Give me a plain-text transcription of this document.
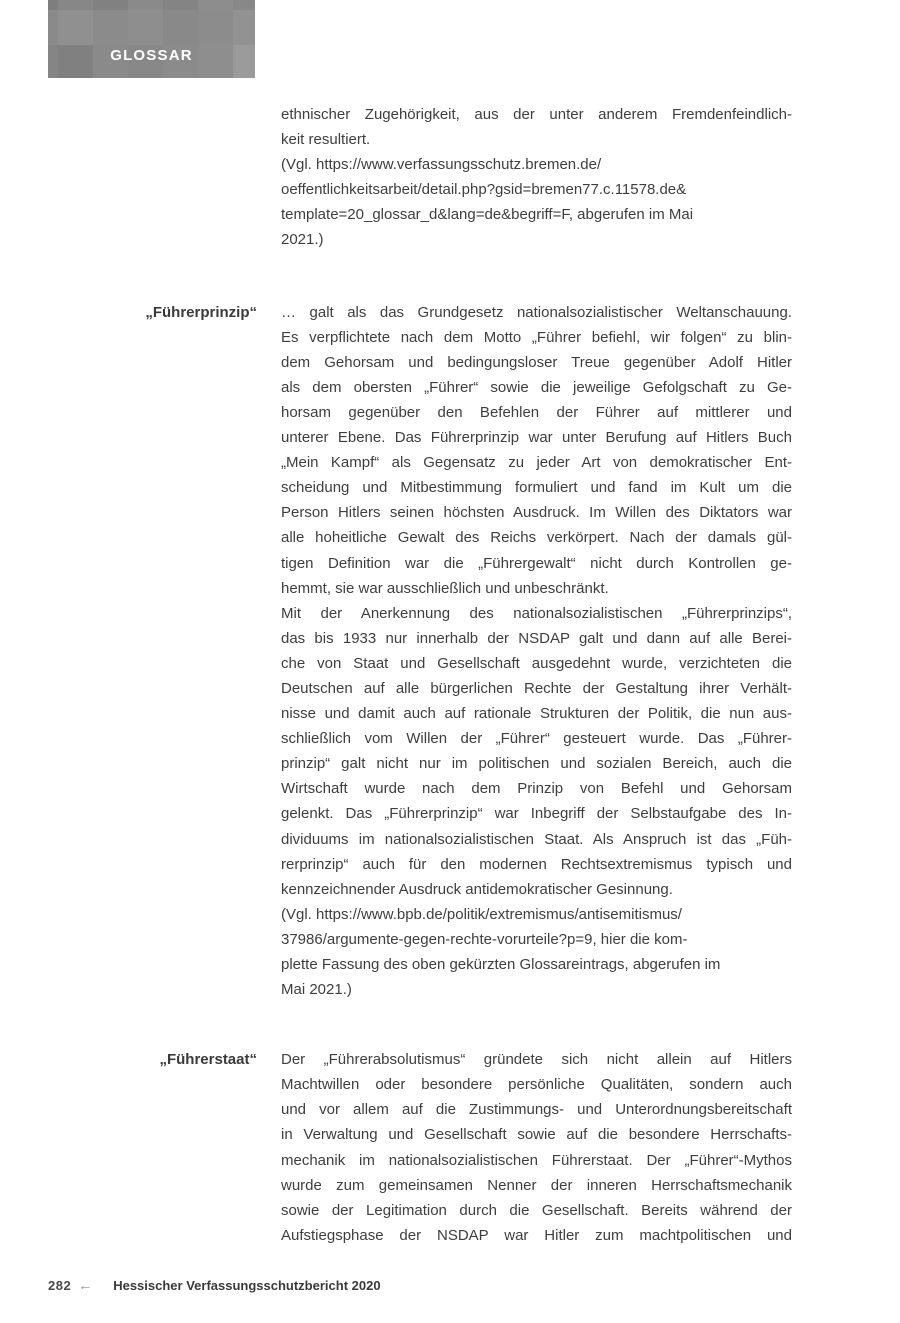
GLOSSAR
ethnischer Zugehörigkeit, aus der unter anderem Fremdenfeindlich-
keit resultiert.
(Vgl. https://www.verfassungsschutz.bremen.de/
oeffentlichkeitsarbeit/detail.php?gsid=bremen77.c.11578.de&
template=20_glossar_d&lang=de&begriff=F, abgerufen im Mai
2021.)
„Führerprinzip“ … galt als das Grundgesetz nationalsozialistischer Weltanschauung.
Es verpflichtete nach dem Motto „Führer befiehl, wir folgen“ zu blin-
dem Gehorsam und bedingungsloser Treue gegenüber Adolf Hitler
als dem obersten „Führer“ sowie die jeweilige Gefolgschaft zu Ge-
horsam gegenüber den Befehlen der Führer auf mittlerer und
unterer Ebene. Das Führerprinzip war unter Berufung auf Hitlers Buch
„Mein Kampf“ als Gegensatz zu jeder Art von demokratischer Ent-
scheidung und Mitbestimmung formuliert und fand im Kult um die
Person Hitlers seinen höchsten Ausdruck. Im Willen des Diktators war
alle hoheitliche Gewalt des Reichs verkörpert. Nach der damals gül-
tigen Definition war die „Führergewalt“ nicht durch Kontrollen ge-
hemmt, sie war ausschließlich und unbeschränkt.
Mit der Anerkennung des nationalsozialistischen „Führerprinzips“,
das bis 1933 nur innerhalb der NSDAP galt und dann auf alle Berei-
che von Staat und Gesellschaft ausgedehnt wurde, verzichteten die
Deutschen auf alle bürgerlichen Rechte der Gestaltung ihrer Verhält-
nisse und damit auch auf rationale Strukturen der Politik, die nun aus-
schließlich vom Willen der „Führer“ gesteuert wurde. Das „Führer-
prinzip“ galt nicht nur im politischen und sozialen Bereich, auch die
Wirtschaft wurde nach dem Prinzip von Befehl und Gehorsam
gelenkt. Das „Führerprinzip“ war Inbegriff der Selbstaufgabe des In-
dividuums im nationalsozialistischen Staat. Als Anspruch ist das „Füh-
rerprinzip“ auch für den modernen Rechtsextremismus typisch und
kennzeichnender Ausdruck antidemokratischer Gesinnung.
(Vgl. https://www.bpb.de/politik/extremismus/antisemitismus/
37986/argumente-gegen-rechte-vorurteile?p=9, hier die kom-
plette Fassung des oben gekürzten Glossareintrags, abgerufen im
Mai 2021.)
„Führerstaat“ Der „Führerabsolutismus“ gründete sich nicht allein auf Hitlers
Machtwillen oder besondere persönliche Qualitäten, sondern auch
und vor allem auf die Zustimmungs- und Unterordnungsbereitschaft
in Verwaltung und Gesellschaft sowie auf die besondere Herrschafts-
mechanik im nationalsozialistischen Führerstaat. Der „Führer“-Mythos
wurde zum gemeinsamen Nenner der inneren Herrschaftsmechanik
sowie der Legitimation durch die Gesellschaft. Bereits während der
Aufstiegsphase der NSDAP war Hitler zum machtpolitischen und
282 ← Hessischer Verfassungsschutzbericht 2020
